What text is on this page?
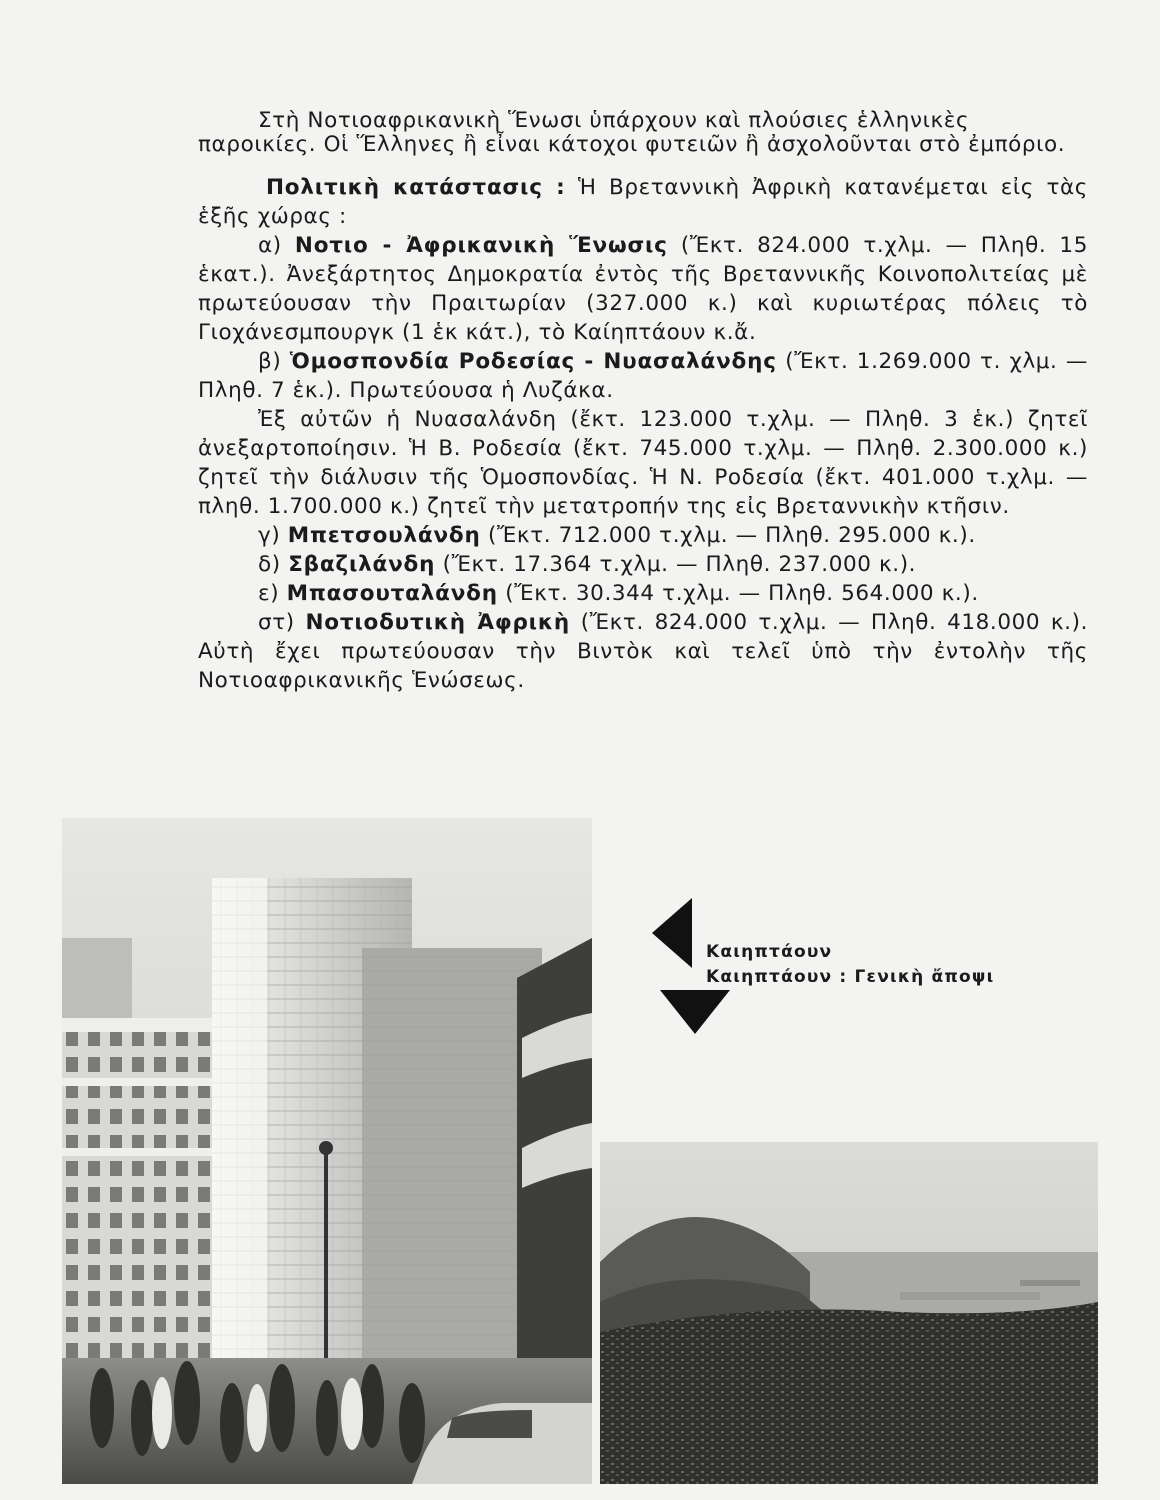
Στὴ Νοτιοαφρικανικὴ Ἕνωσι ὑπάρχουν καὶ πλούσιες ἑλληνικὲς

παροικίες. Οἱ Ἕλληνες ἢ εἶναι κάτοχοι φυτειῶν ἢ ἀσχολοῦνται στὸ ἐμπόριο.

Πολιτικὴ κατάστασις : Ἡ Βρεταννικὴ Ἀφρικὴ κατανέμεται εἰς τὰς ἑξῆς χώρας :

α) Νοτιο - Ἀφρικανικὴ Ἕνωσις (Ἔκτ. 824.000 τ.χλμ. — Πληθ. 15 ἑκατ.). Ἀνεξάρτητος Δημοκρατία ἐντὸς τῆς Βρεταννικῆς Κοινοπολιτείας μὲ πρωτεύουσαν τὴν Πραιτωρίαν (327.000 κ.) καὶ κυριωτέρας πόλεις τὸ Γιοχάνεσμπουργκ (1 ἑκ κάτ.), τὸ Καίηπτάουν κ.ἄ.

β) Ὁμοσπονδία Ροδεσίας - Νυασαλάνδης (Ἔκτ. 1.269.000 τ. χλμ. — Πληθ. 7 ἑκ.). Πρωτεύουσα ἡ Λυζάκα.

Ἐξ αὐτῶν ἡ Νυασαλάνδη (ἔκτ. 123.000 τ.χλμ. — Πληθ. 3 ἑκ.) ζητεῖ ἀνεξαρτοποίησιν. Ἡ Β. Ροδεσία (ἔκτ. 745.000 τ.χλμ. — Πληθ. 2.300.000 κ.) ζητεῖ τὴν διάλυσιν τῆς Ὁμοσπονδίας. Ἡ Ν. Ροδεσία (ἔκτ. 401.000 τ.χλμ. — πληθ. 1.700.000 κ.) ζητεῖ τὴν μετατροπήν της εἰς Βρεταννικὴν κτῆσιν.

γ) Μπετσουλάνδη (Ἔκτ. 712.000 τ.χλμ. — Πληθ. 295.000 κ.).

δ) Σβαζιλάνδη (Ἔκτ. 17.364 τ.χλμ. — Πληθ. 237.000 κ.).

ε) Μπασουταλάνδη (Ἔκτ. 30.344 τ.χλμ. — Πληθ. 564.000 κ.).

στ) Νοτιοδυτικὴ Ἀφρικὴ (Ἔκτ. 824.000 τ.χλμ. — Πληθ. 418.000 κ.). Αὐτὴ ἔχει πρωτεύουσαν τὴν Βιντὸκ καὶ τελεῖ ὑπὸ τὴν ἐντολὴν τῆς Νοτιοαφρικανικῆς Ἑνώσεως.

Καιηπτάουν
Καιηπτάουν : Γενικὴ ἄποψι
